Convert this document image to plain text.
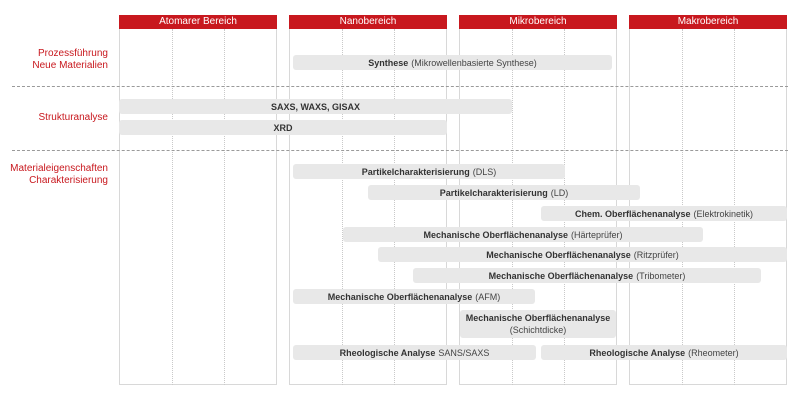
Atomarer Bereich	Nanobereich	Mikrobereich	Makrobereich
Prozessführung
Neue Materialien
Strukturanalyse
Materialeigenschaften
Charakterisierung
Synthese (Mikrowellenbasierte Synthese)
SAXS, WAXS, GISAX
XRD
Partikelcharakterisierung (DLS)
Partikelcharakterisierung (LD)
Chem. Oberflächenanalyse (Elektrokinetik)
Mechanische Oberflächenanalyse (Härteprüfer)
Mechanische Oberflächenanalyse (Ritzprüfer)
Mechanische Oberflächenanalyse (Tribometer)
Mechanische Oberflächenanalyse (AFM)
Mechanische Oberflächenanalyse
(Schichtdicke)
Rheologische Analyse SANS/SAXS	Rheologische Analyse (Rheometer)
